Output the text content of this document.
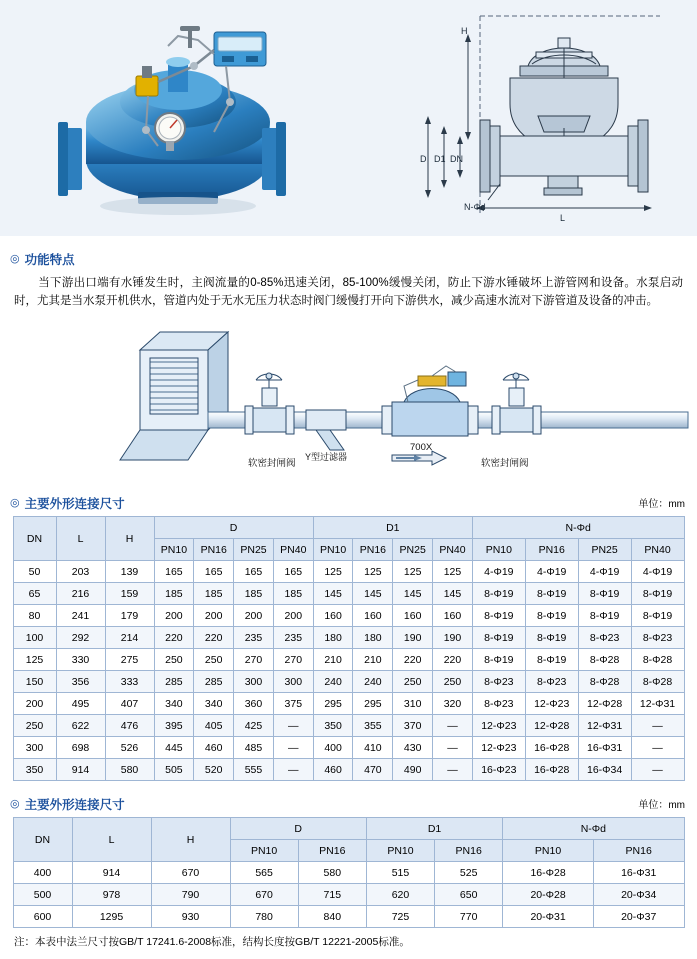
H
D D1 DN
L
N-Φd
◎ 功能特点
当下游出口端有水锤发生时，主阀流量的0-85%迅速关闭，85-100%缓慢关闭，防止下游水锤破坏上游管网和设备。水泵启动时，尤其是当水泵开机供水，管道内处于无水无压力状态时阀门缓慢打开向下游供水，减少高速水流对下游管道及设备的冲击。
软密封闸阀	软密封闸阀
Y型过滤器
700X
◎ 主要外形连接尺寸	单位：mm
DN	L	H	D				D1				N-Φd			
			PN10	PN16	PN25	PN40	PN10	PN16	PN25	PN40	PN10	PN16	PN25	PN40
50	203	139	165	165	165	165	125	125	125	125	4-Φ19	4-Φ19	4-Φ19	4-Φ19
65	216	159	185	185	185	185	145	145	145	145	8-Φ19	8-Φ19	8-Φ19	8-Φ19
80	241	179	200	200	200	200	160	160	160	160	8-Φ19	8-Φ19	8-Φ19	8-Φ19
100	292	214	220	220	235	235	180	180	190	190	8-Φ19	8-Φ19	8-Φ23	8-Φ23
125	330	275	250	250	270	270	210	210	220	220	8-Φ19	8-Φ19	8-Φ28	8-Φ28
150	356	333	285	285	300	300	240	240	250	250	8-Φ23	8-Φ23	8-Φ28	8-Φ28
200	495	407	340	340	360	375	295	295	310	320	8-Φ23	12-Φ23	12-Φ28	12-Φ31
250	622	476	395	405	425	—	350	355	370	—	12-Φ23	12-Φ28	12-Φ31	—
300	698	526	445	460	485	—	400	410	430	—	12-Φ23	16-Φ28	16-Φ31	—
350	914	580	505	520	555	—	460	470	490	—	16-Φ23	16-Φ28	16-Φ34	—
◎ 主要外形连接尺寸	单位：mm
DN	L	H	D		D1		N-Φd	
			PN10	PN16	PN10	PN16	PN10	PN16
400	914	670	565	580	515	525	16-Φ28	16-Φ31
500	978	790	670	715	620	650	20-Φ28	20-Φ34
600	1295	930	780	840	725	770	20-Φ31	20-Φ37
注：本表中法兰尺寸按GB/T 17241.6-2008标准，结构长度按GB/T 12221-2005标准。
